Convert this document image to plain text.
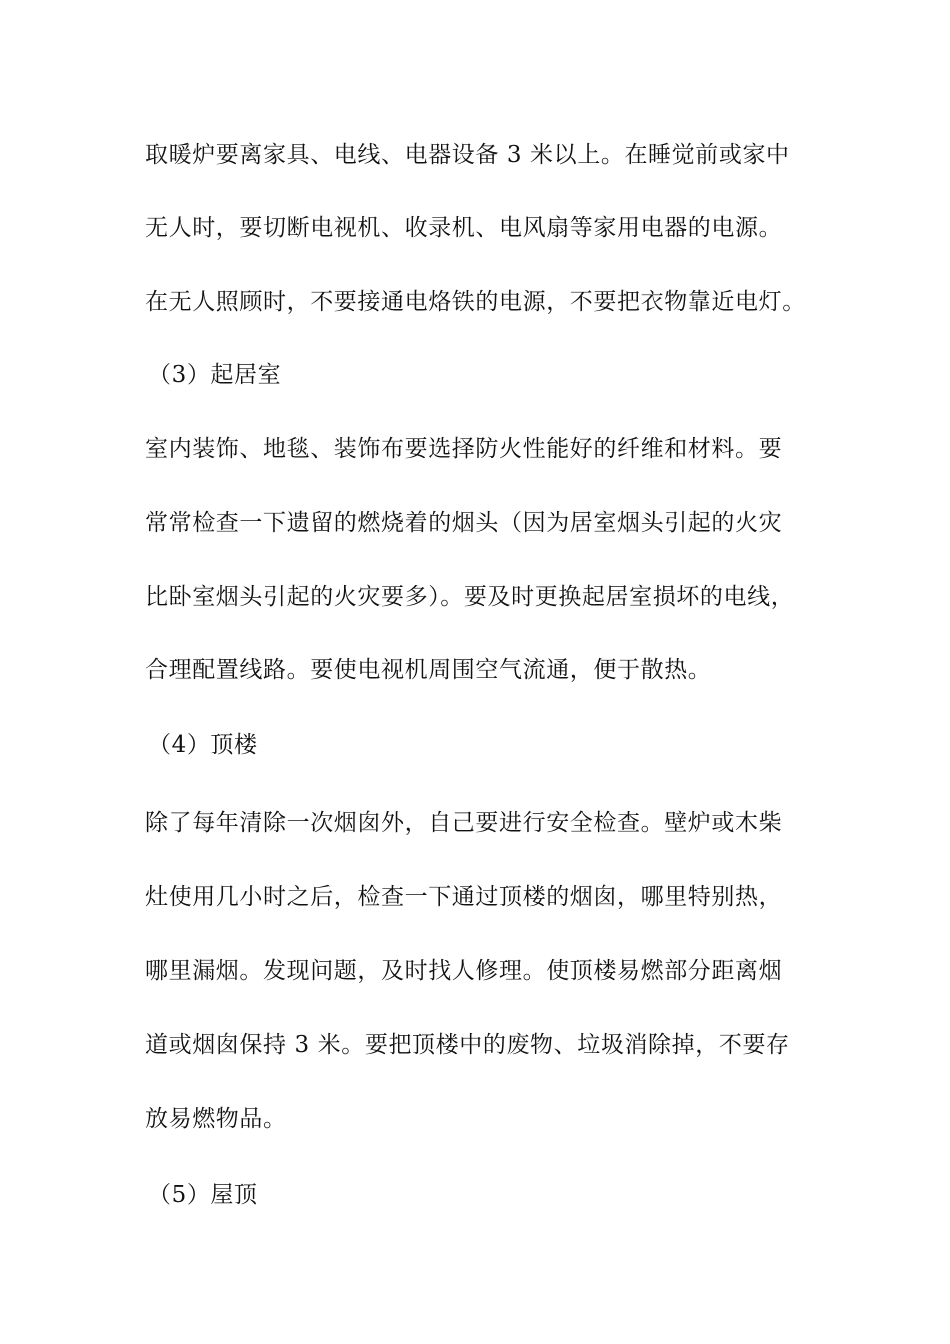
取暖炉要离家具、电线、电器设备 3 米以上。在睡觉前或家中
无人时，要切断电视机、收录机、电风扇等家用电器的电源。
在无人照顾时，不要接通电烙铁的电源，不要把衣物靠近电灯。
（3）起居室
室内装饰、地毯、装饰布要选择防火性能好的纤维和材料。要
常常检查一下遗留的燃烧着的烟头（因为居室烟头引起的火灾
比卧室烟头引起的火灾要多）。要及时更换起居室损坏的电线，
合理配置线路。要使电视机周围空气流通，便于散热。
（4）顶楼
除了每年清除一次烟囱外，自己要进行安全检查。壁炉或木柴
灶使用几小时之后，检查一下通过顶楼的烟囱，哪里特别热，
哪里漏烟。发现问题，及时找人修理。使顶楼易燃部分距离烟
道或烟囱保持 3 米。要把顶楼中的废物、垃圾消除掉，不要存
放易燃物品。
（5）屋顶
